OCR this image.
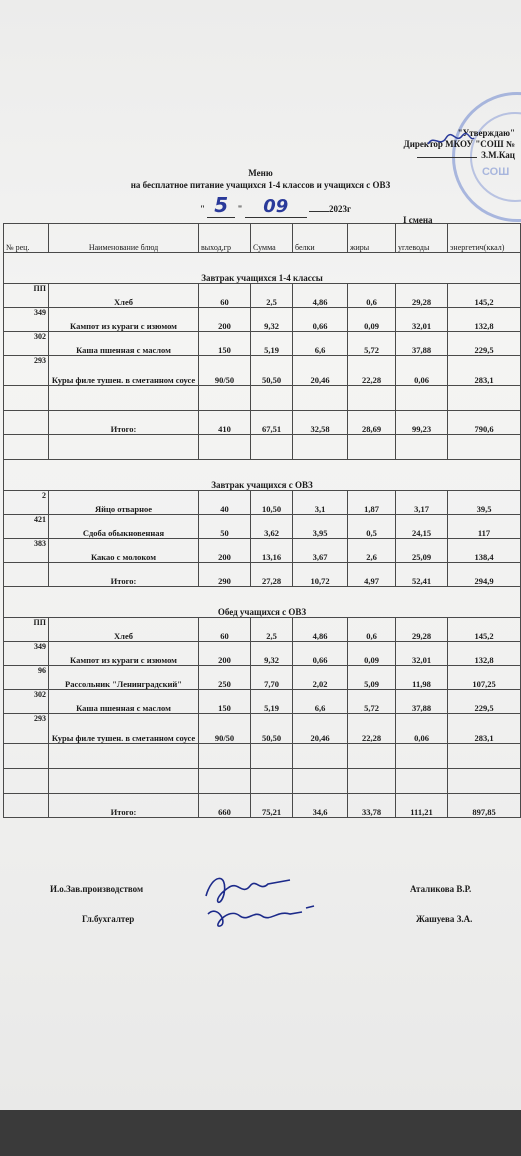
СОШ
"Утверждаю"
Директор МКОУ "СОШ №
З.М.Кац
Меню
на бесплатное питание учащихся 1-4 классов и учащихся с ОВЗ
" 5 " 09	2023г
I смена
№ рец.	Наименование блюд	выход,гр	Сумма	белки	жиры	углеводы	энергетич(ккал)
Завтрак учащихся 1-4 классы							
ПП	Хлеб	60	2,5	4,86	0,6	29,28	145,2
349	Кампот из кураги с изюмом	200	9,32	0,66	0,09	32,01	132,8
302	Каша пшенная с маслом	150	5,19	6,6	5,72	37,88	229,5
293	Куры филе тушен. в сметанном соусе	90/50	50,50	20,46	22,28	0,06	283,1

	Итого:	410	67,51	32,58	28,69	99,23	790,6

Завтрак учащихся с ОВЗ							
2	Яйцо отварное	40	10,50	3,1	1,87	3,17	39,5
421	Сдоба обыкновенная	50	3,62	3,95	0,5	24,15	117
383	Какао с молоком	200	13,16	3,67	2,6	25,09	138,4
	Итого:	290	27,28	10,72	4,97	52,41	294,9
Обед учащихся с ОВЗ							
ПП	Хлеб	60	2,5	4,86	0,6	29,28	145,2
349	Кампот из кураги с изюмом	200	9,32	0,66	0,09	32,01	132,8
96	Рассольник "Ленинградский"	250	7,70	2,02	5,09	11,98	107,25
302	Каша пшенная с маслом	150	5,19	6,6	5,72	37,88	229,5
293	Куры филе тушен. в сметанном соусе	90/50	50,50	20,46	22,28	0,06	283,1

	Итого:	660	75,21	34,6	33,78	111,21	897,85
И.о.Зав.производством
Гл.бухгалтер
Аталикова В.Р.
Жашуева З.А.
